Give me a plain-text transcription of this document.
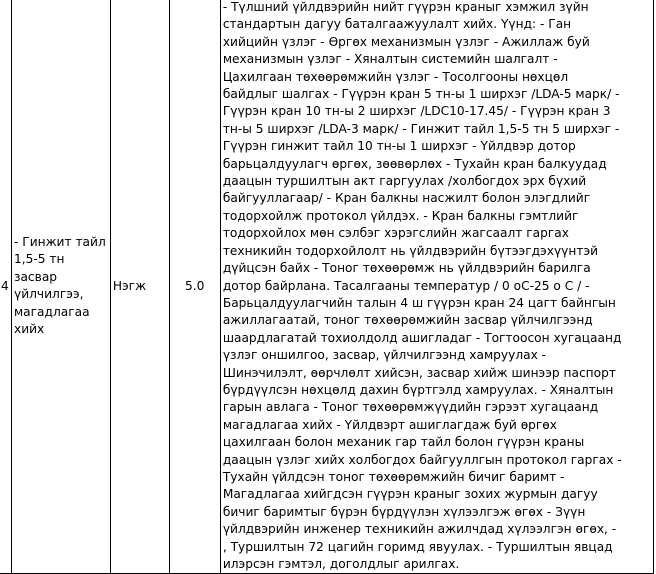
4	- Гинжит тайл 1,5-5 тн засвар үйлчилгээ, магадлагаа хийх	Нэгж	5.0	
- Түлшний үйлдвэрийн нийт гүүрэн краныг хэмжил зүйн
стандартын дагуу баталгаажуулалт хийх. Үүнд: - Ган
хийцийн үзлэг - Өргөх механизмын үзлэг - Ажиллаж буй
механизмын үзлэг - Хяналтын системийн шалгалт -
Цахилгаан төхөөрөмжийн үзлэг - Тосолгооны нөхцөл
байдлыг шалгах - Гүүрэн кран 5 тн-ы 1 ширхэг /LDA-5 марк/ -
Гүүрэн кран 10 тн-ы 2 ширхэг /LDC10-17.45/ - Гүүрэн кран 3
тн-ы 5 ширхэг /LDA-3 марк/ - Гинжит тайл 1,5-5 тн 5 ширхэг -
Гүүрэн гинжит тайл 10 тн-ы 1 ширхэг - Үйлдвэр дотор
барьцалдуулагч өргөх, зөөвөрлөх - Тухайн кран балкуудад
даацын туршилтын акт гаргуулах /холбогдох эрх бүхий
байгууллагаар/ - Кран балкны насжилт болон элэгдлийг
тодорхойлж протокол үйлдэх. - Кран балкны гэмтлийг
тодорхойлох мөн сэлбэг хэрэгслийн жагсаалт гаргах
техникийн тодорхойлолт нь үйлдвэрийн бүтээгдэхүүнтэй
дүйцсэн байх - Тоног төхөөрөмж нь үйлдвэрийн барилга
дотор байрлана. Тасалгааны температур / 0 оС-25 о С / -
Барьцалдуулагчийн талын 4 ш гүүрэн кран 24 цагт байнгын
ажиллагаатай, тоног төхөөрөмжийн засвар үйлчилгээнд
шаардлагатай тохиолдолд ашигладаг - Тогтоосон хугацаанд
үзлэг оншилгоо, засвар, үйлчилгээнд хамруулах -
Шинэчилэлт, өөрчлөлт хийсэн, засвар хийж шинээр паспорт
бүрдүүлсэн нөхцөлд дахин бүртгэлд хамруулах. - Хяналтын
гарын авлага - Тоног төхөөрөмжүүдийн гэрээт хугацаанд
магадлагаа хийх - Үйлдвэрт ашиглагдаж буй өргөх
цахилгаан болон механик гар тайл болон гүүрэн краны
даацын үзлэг хийх холбогдох байгууллгын протокол гаргах -
Тухайн үйлдсэн тоног төхөөрөмжийн бичиг баримт -
Магадлагаа хийгдсэн гүүрэн краныг зохих журмын дагуу
бичиг баримтыг бүрэн бүрдүүлэн хүлээлгэж өгөх - Зүүн
үйлдвэрийн инженер техникийн ажилчдад хүлээлгэн өгөх, -
, Туршилтын 72 цагийн горимд явуулах. - Туршилтын явцад
илэрсэн гэмтэл, доголдлыг арилгах.
